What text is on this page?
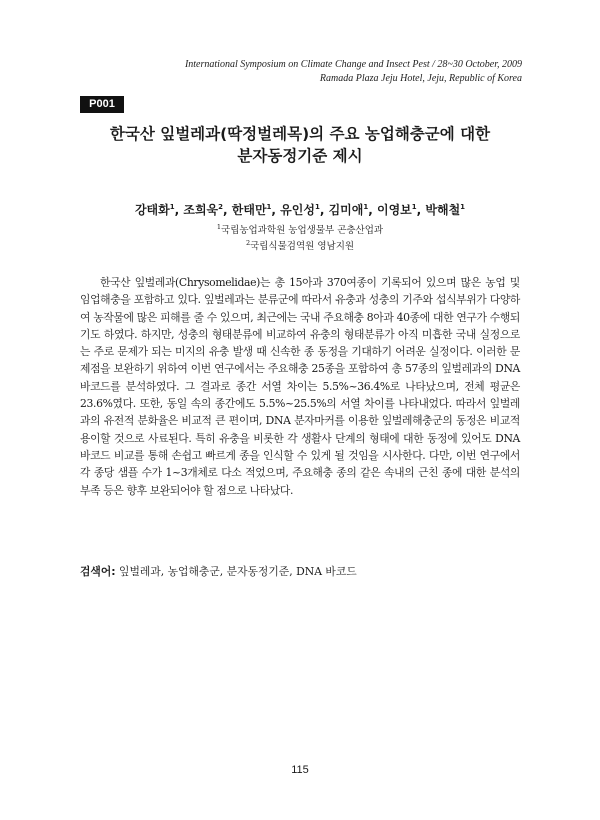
International Symposium on Climate Change and Insect Pest / 28~30 October, 2009
Ramada Plaza Jeju Hotel, Jeju, Republic of Korea
P001
한국산 잎벌레과(딱정벌레목)의 주요 농업해충군에 대한
분자동정기준 제시
강태화$^1$, 조희욱$^2$, 한태만$^1$, 유인성$^1$, 김미애$^1$, 이영보$^1$, 박해철$^1$
$^1$국립농업과학원 농업생물부 곤충산업과
$^2$국립식물검역원 영남지원

한국산 잎벌레과(Chrysomelidae)는 총 15아과 370여종이 기록되어 있으며 많은 농업 및 임업해충을 포함하고 있다. 잎벌레과는 분류군에 따라서 유충과 성충의 기주와 섭식부위가 다양하여 농작물에 많은 피해를 줄 수 있으며, 최근에는 국내 주요해충 8아과 40종에 대한 연구가 수행되기도 하였다. 하지만, 성충의 형태분류에 비교하여 유충의 형태분류가 아직 미흡한 국내 실정으로는 주로 문제가 되는 미지의 유충 발생 때 신속한 종 동정을 기대하기 어려운 실정이다. 이러한 문제점을 보완하기 위하여 이번 연구에서는 주요해충 25종을 포함하여 총 57종의 잎벌레과의 DNA 바코드를 분석하였다. 그 결과로 종간 서열 차이는 5.5%~36.4%로 나타났으며, 전체 평균은 23.6%였다. 또한, 동일 속의 종간에도 5.5%~25.5%의 서열 차이를 나타내었다. 따라서 잎벌레과의 유전적 분화율은 비교적 큰 편이며, DNA 분자마커를 이용한 잎벌레해충군의 동정은 비교적 용이할 것으로 사료된다. 특히 유충을 비롯한 각 생활사 단계의 형태에 대한 동정에 있어도 DNA 바코드 비교를 통해 손쉽고 빠르게 종을 인식할 수 있게 될 것임을 시사한다. 다만, 이번 연구에서 각 종당 샘플 수가 1~3개체로 다소 적었으며, 주요해충 종의 같은 속내의 근친 종에 대한 분석의 부족 등은 향후 보완되어야 할 점으로 나타났다.

검색어: 잎벌레과, 농업해충군, 분자동정기준, DNA 바코드
115
